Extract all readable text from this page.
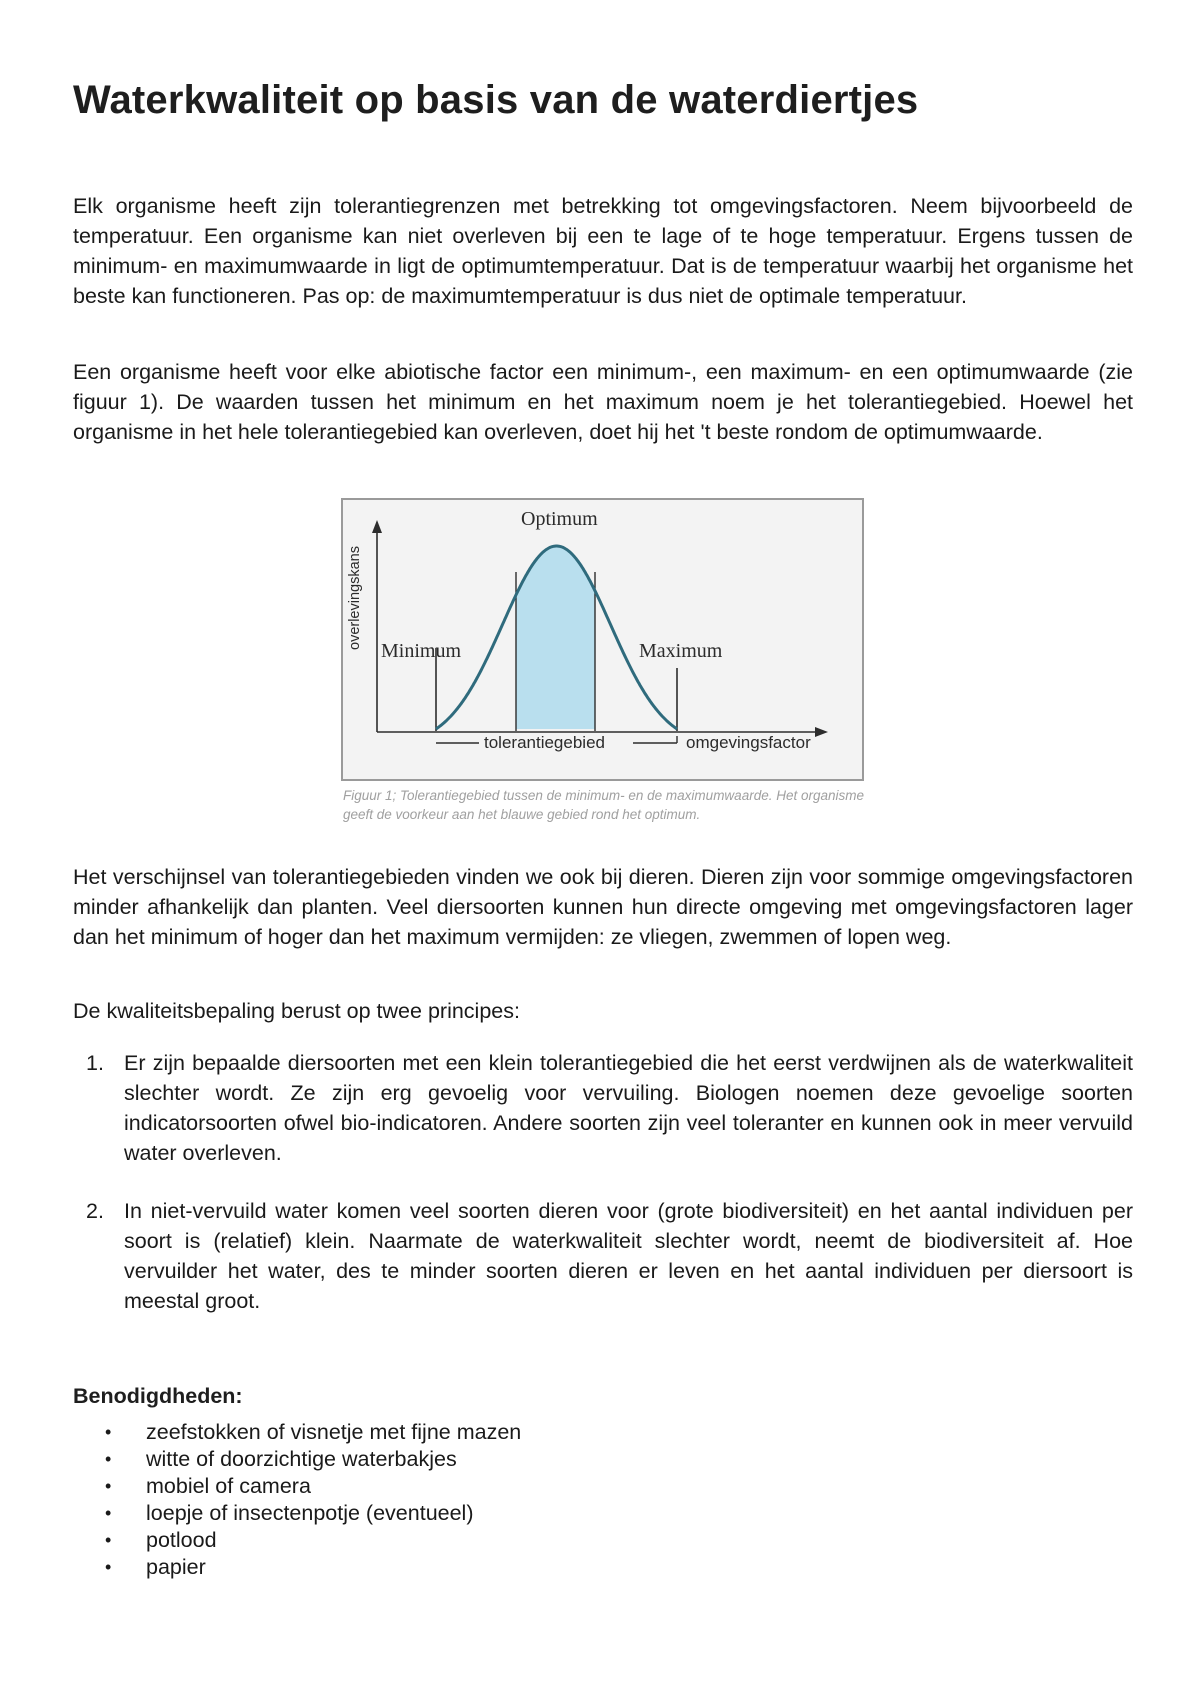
Waterkwaliteit op basis van de waterdiertjes

Elk organisme heeft zijn tolerantiegrenzen met betrekking tot omgevingsfactoren. Neem bijvoorbeeld de temperatuur. Een organisme kan niet overleven bij een te lage of te hoge temperatuur. Ergens tussen de minimum- en maximumwaarde in ligt de optimumtemperatuur. Dat is de temperatuur waarbij het organisme het beste kan functioneren. Pas op: de maximumtemperatuur is dus niet de optimale temperatuur.

Een organisme heeft voor elke abiotische factor een minimum-, een maximum- en een optimumwaarde (zie figuur 1). De waarden tussen het minimum en het maximum noem je het tolerantiegebied. Hoewel het organisme in het hele tolerantiegebied kan overleven, doet hij het 't beste rondom de optimumwaarde.

Optimum
Minimum	Maximum
overlevingskans
tolerantiegebied	omgevingsfactor
Figuur 1; Tolerantiegebied tussen de minimum- en de maximumwaarde. Het organisme geeft de voorkeur aan het blauwe gebied rond het optimum.

Het verschijnsel van tolerantiegebieden vinden we ook bij dieren. Dieren zijn voor sommige omgevingsfactoren minder afhankelijk dan planten. Veel diersoorten kunnen hun directe omgeving met omgevingsfactoren lager dan het minimum of hoger dan het maximum vermijden: ze vliegen, zwemmen of lopen weg.

De kwaliteitsbepaling berust op twee principes:

1. Er zijn bepaalde diersoorten met een klein tolerantiegebied die het eerst verdwijnen als de waterkwaliteit slechter wordt. Ze zijn erg gevoelig voor vervuiling. Biologen noemen deze gevoelige soorten indicatorsoorten ofwel bio-indicatoren. Andere soorten zijn veel toleranter en kunnen ook in meer vervuild water overleven.
2. In niet-vervuild water komen veel soorten dieren voor (grote biodiversiteit) en het aantal individuen per soort is (relatief) klein. Naarmate de waterkwaliteit slechter wordt, neemt de biodiversiteit af. Hoe vervuilder het water, des te minder soorten dieren er leven en het aantal individuen per diersoort is meestal groot.
Benodigdheden:
• zeefstokken of visnetje met fijne mazen
• witte of doorzichtige waterbakjes
• mobiel of camera
• loepje of insectenpotje (eventueel)
• potlood
• papier
